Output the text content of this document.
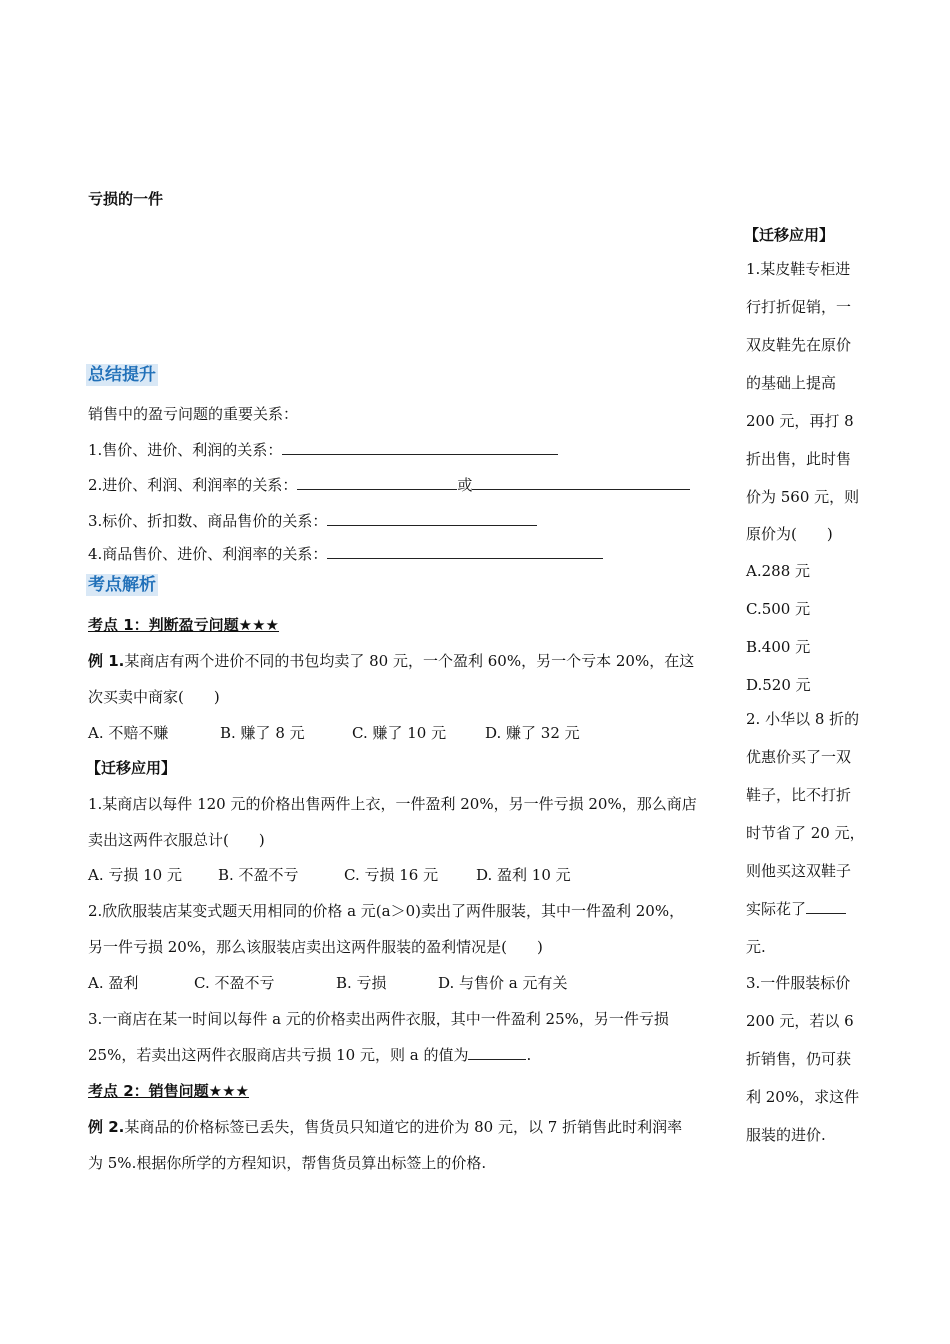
亏损的一件
总结提升
销售中的盈亏问题的重要关系：
1.售价、进价、利润的关系：
2.进价、利润、利润率的关系：	或
3.标价、折扣数、商品售价的关系：
4.商品售价、进价、利润率的关系：
考点解析
考点 1：判断盈亏问题★★★
例 1.某商店有两个进价不同的书包均卖了 80 元，一个盈利 60%，另一个亏本 20%，在这
次买卖中商家(　　)
A. 不赔不赚	B. 赚了 8 元	C. 赚了 10 元	D. 赚了 32 元
【迁移应用】
1.某商店以每件 120 元的价格出售两件上衣，一件盈利 20%，另一件亏损 20%，那么商店
卖出这两件衣服总计(　　)
A. 亏损 10 元 B. 不盈不亏	C. 亏损 16 元	D. 盈利 10 元
2.欣欣服装店某变式题天用相同的价格 a 元(a＞0)卖出了两件服装，其中一件盈利 20%，
另一件亏损 20%，那么该服装店卖出这两件服装的盈利情况是(　　)
A. 盈利	C. 不盈不亏	B. 亏损	D. 与售价 a 元有关
3.一商店在某一时间以每件 a 元的价格卖出两件衣服，其中一件盈利 25%，另一件亏损
25%，若卖出这两件衣服商店共亏损 10 元，则 a 的值为	.
考点 2：销售问题★★★
例 2.某商品的价格标签已丢失，售货员只知道它的进价为 80 元，以 7 折销售此时利润率
为 5%.根据你所学的方程知识，帮售货员算出标签上的价格.
【迁移应用】
1.某皮鞋专柜进
行打折促销，一
双皮鞋先在原价
的基础上提高
200 元，再打 8
折出售，此时售
价为 560 元，则
原价为(　　)
A.288 元
C.500 元
B.400 元
D.520 元
2. 小华以 8 折的
优惠价买了一双
鞋子，比不打折
时节省了 20 元，
则他买这双鞋子
实际花了
元.
3.一件服装标价
200 元，若以 6
折销售，仍可获
利 20%，求这件
服装的进价.
